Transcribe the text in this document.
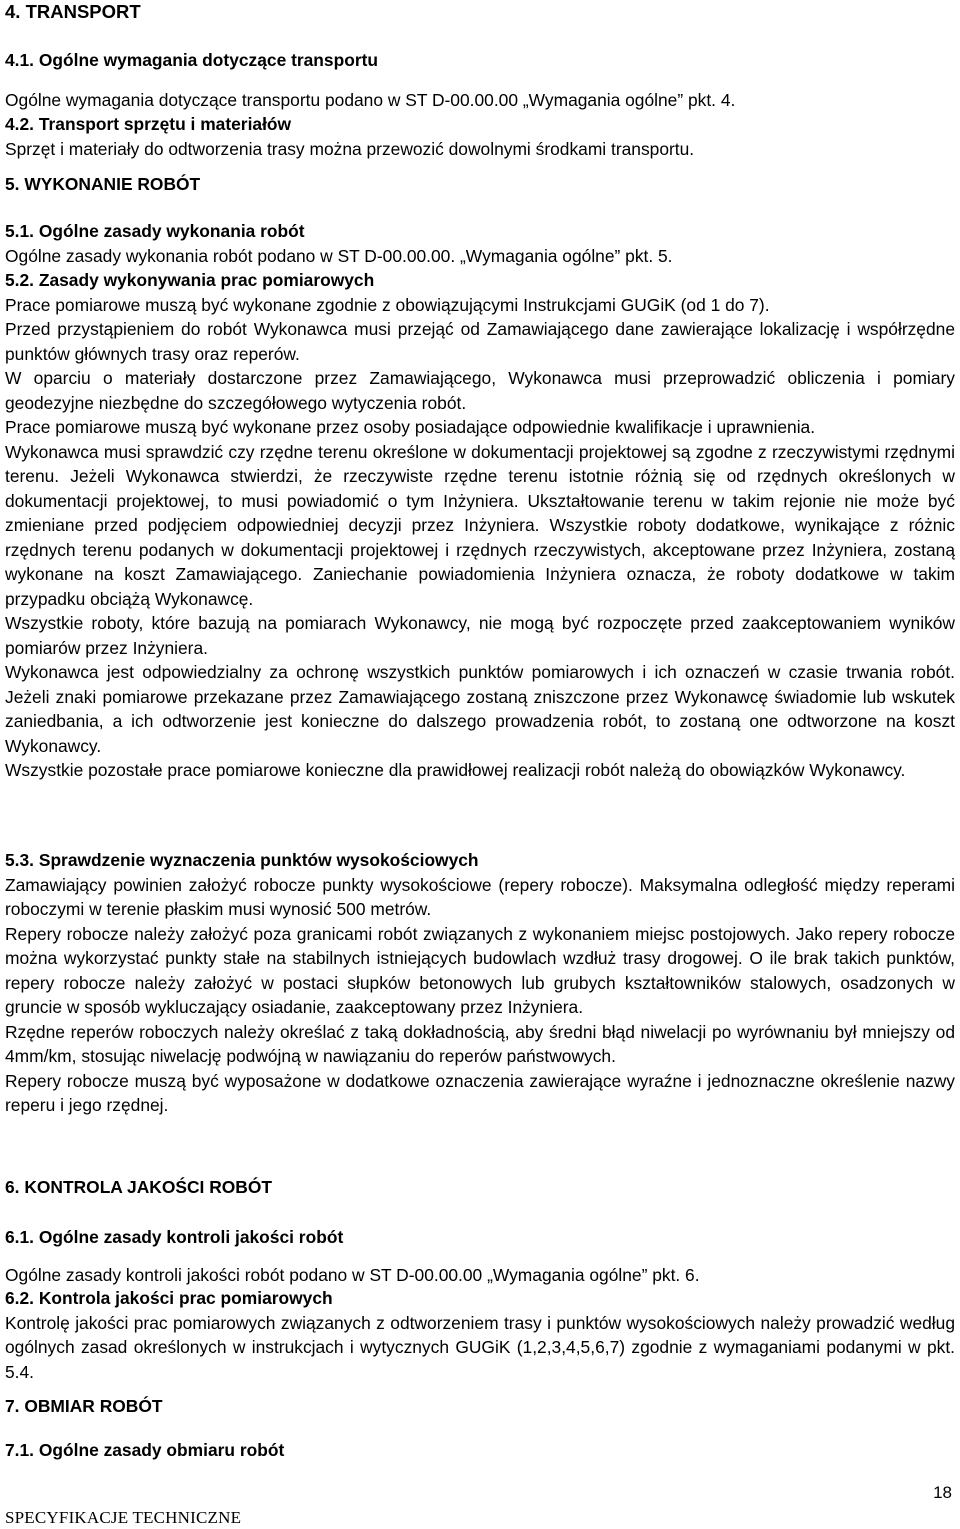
4. TRANSPORT
4.1. Ogólne wymagania dotyczące transportu
Ogólne wymagania dotyczące transportu podano w ST D-00.00.00 „Wymagania ogólne” pkt. 4.
4.2. Transport sprzętu i materiałów
Sprzęt i materiały do odtworzenia trasy można przewozić dowolnymi środkami transportu.
5. WYKONANIE ROBÓT
5.1. Ogólne zasady wykonania robót
Ogólne zasady wykonania robót podano w ST D-00.00.00. „Wymagania ogólne” pkt. 5.
5.2. Zasady wykonywania prac pomiarowych
Prace pomiarowe muszą być wykonane zgodnie z obowiązującymi Instrukcjami GUGiK (od 1 do 7).
Przed przystąpieniem do robót Wykonawca musi przejąć od Zamawiającego dane zawierające lokalizację i współrzędne punktów głównych trasy oraz reperów.
W oparciu o materiały dostarczone przez Zamawiającego, Wykonawca musi przeprowadzić obliczenia i pomiary geodezyjne niezbędne do szczegółowego wytyczenia robót.
Prace pomiarowe muszą być wykonane przez osoby posiadające odpowiednie kwalifikacje i uprawnienia.
Wykonawca musi sprawdzić czy rzędne terenu określone w dokumentacji projektowej są zgodne z rzeczywistymi rzędnymi terenu. Jeżeli Wykonawca stwierdzi, że rzeczywiste rzędne terenu istotnie różnią się od rzędnych określonych w dokumentacji projektowej, to musi powiadomić o tym Inżyniera. Ukształtowanie terenu w takim rejonie nie może być zmieniane przed podjęciem odpowiedniej decyzji przez Inżyniera. Wszystkie roboty dodatkowe, wynikające z różnic rzędnych terenu podanych w dokumentacji projektowej i rzędnych rzeczywistych, akceptowane przez Inżyniera, zostaną wykonane na koszt Zamawiającego. Zaniechanie powiadomienia Inżyniera oznacza, że roboty dodatkowe w takim przypadku obciążą Wykonawcę.
Wszystkie roboty, które bazują na pomiarach Wykonawcy, nie mogą być rozpoczęte przed zaakceptowaniem wyników pomiarów przez Inżyniera.
Wykonawca jest odpowiedzialny za ochronę wszystkich punktów pomiarowych i ich oznaczeń w czasie trwania robót. Jeżeli znaki pomiarowe przekazane przez Zamawiającego zostaną zniszczone przez Wykonawcę świadomie lub wskutek zaniedbania, a ich odtworzenie jest konieczne do dalszego prowadzenia robót, to zostaną one odtworzone na koszt Wykonawcy.
Wszystkie pozostałe prace pomiarowe konieczne dla prawidłowej realizacji robót należą do obowiązków Wykonawcy.
5.3. Sprawdzenie wyznaczenia punktów wysokościowych
Zamawiający powinien założyć robocze punkty wysokościowe (repery robocze). Maksymalna odległość między reperami roboczymi w terenie płaskim musi wynosić 500 metrów.
Repery robocze należy założyć poza granicami robót związanych z wykonaniem miejsc postojowych. Jako repery robocze można wykorzystać punkty stałe na stabilnych istniejących budowlach wzdłuż trasy drogowej. O ile brak takich punktów, repery robocze należy założyć w postaci słupków betonowych lub grubych kształtowników stalowych, osadzonych w gruncie w sposób wykluczający osiadanie, zaakceptowany przez Inżyniera.
Rzędne reperów roboczych należy określać z taką dokładnością, aby średni błąd niwelacji po wyrównaniu był mniejszy od 4mm/km, stosując niwelację podwójną w nawiązaniu do reperów państwowych.
Repery robocze muszą być wyposażone w dodatkowe oznaczenia zawierające wyraźne i jednoznaczne określenie nazwy reperu i jego rzędnej.
6. KONTROLA JAKOŚCI ROBÓT
6.1. Ogólne zasady kontroli jakości robót
Ogólne zasady kontroli jakości robót podano w ST D-00.00.00 „Wymagania ogólne” pkt. 6.
6.2. Kontrola jakości prac pomiarowych
Kontrolę jakości prac pomiarowych związanych z odtworzeniem trasy i punktów wysokościowych należy prowadzić według ogólnych zasad określonych w instrukcjach i wytycznych GUGiK (1,2,3,4,5,6,7) zgodnie z wymaganiami podanymi w pkt. 5.4.
7. OBMIAR ROBÓT
7.1. Ogólne zasady obmiaru robót
18
SPECYFIKACJE TECHNICZNE
